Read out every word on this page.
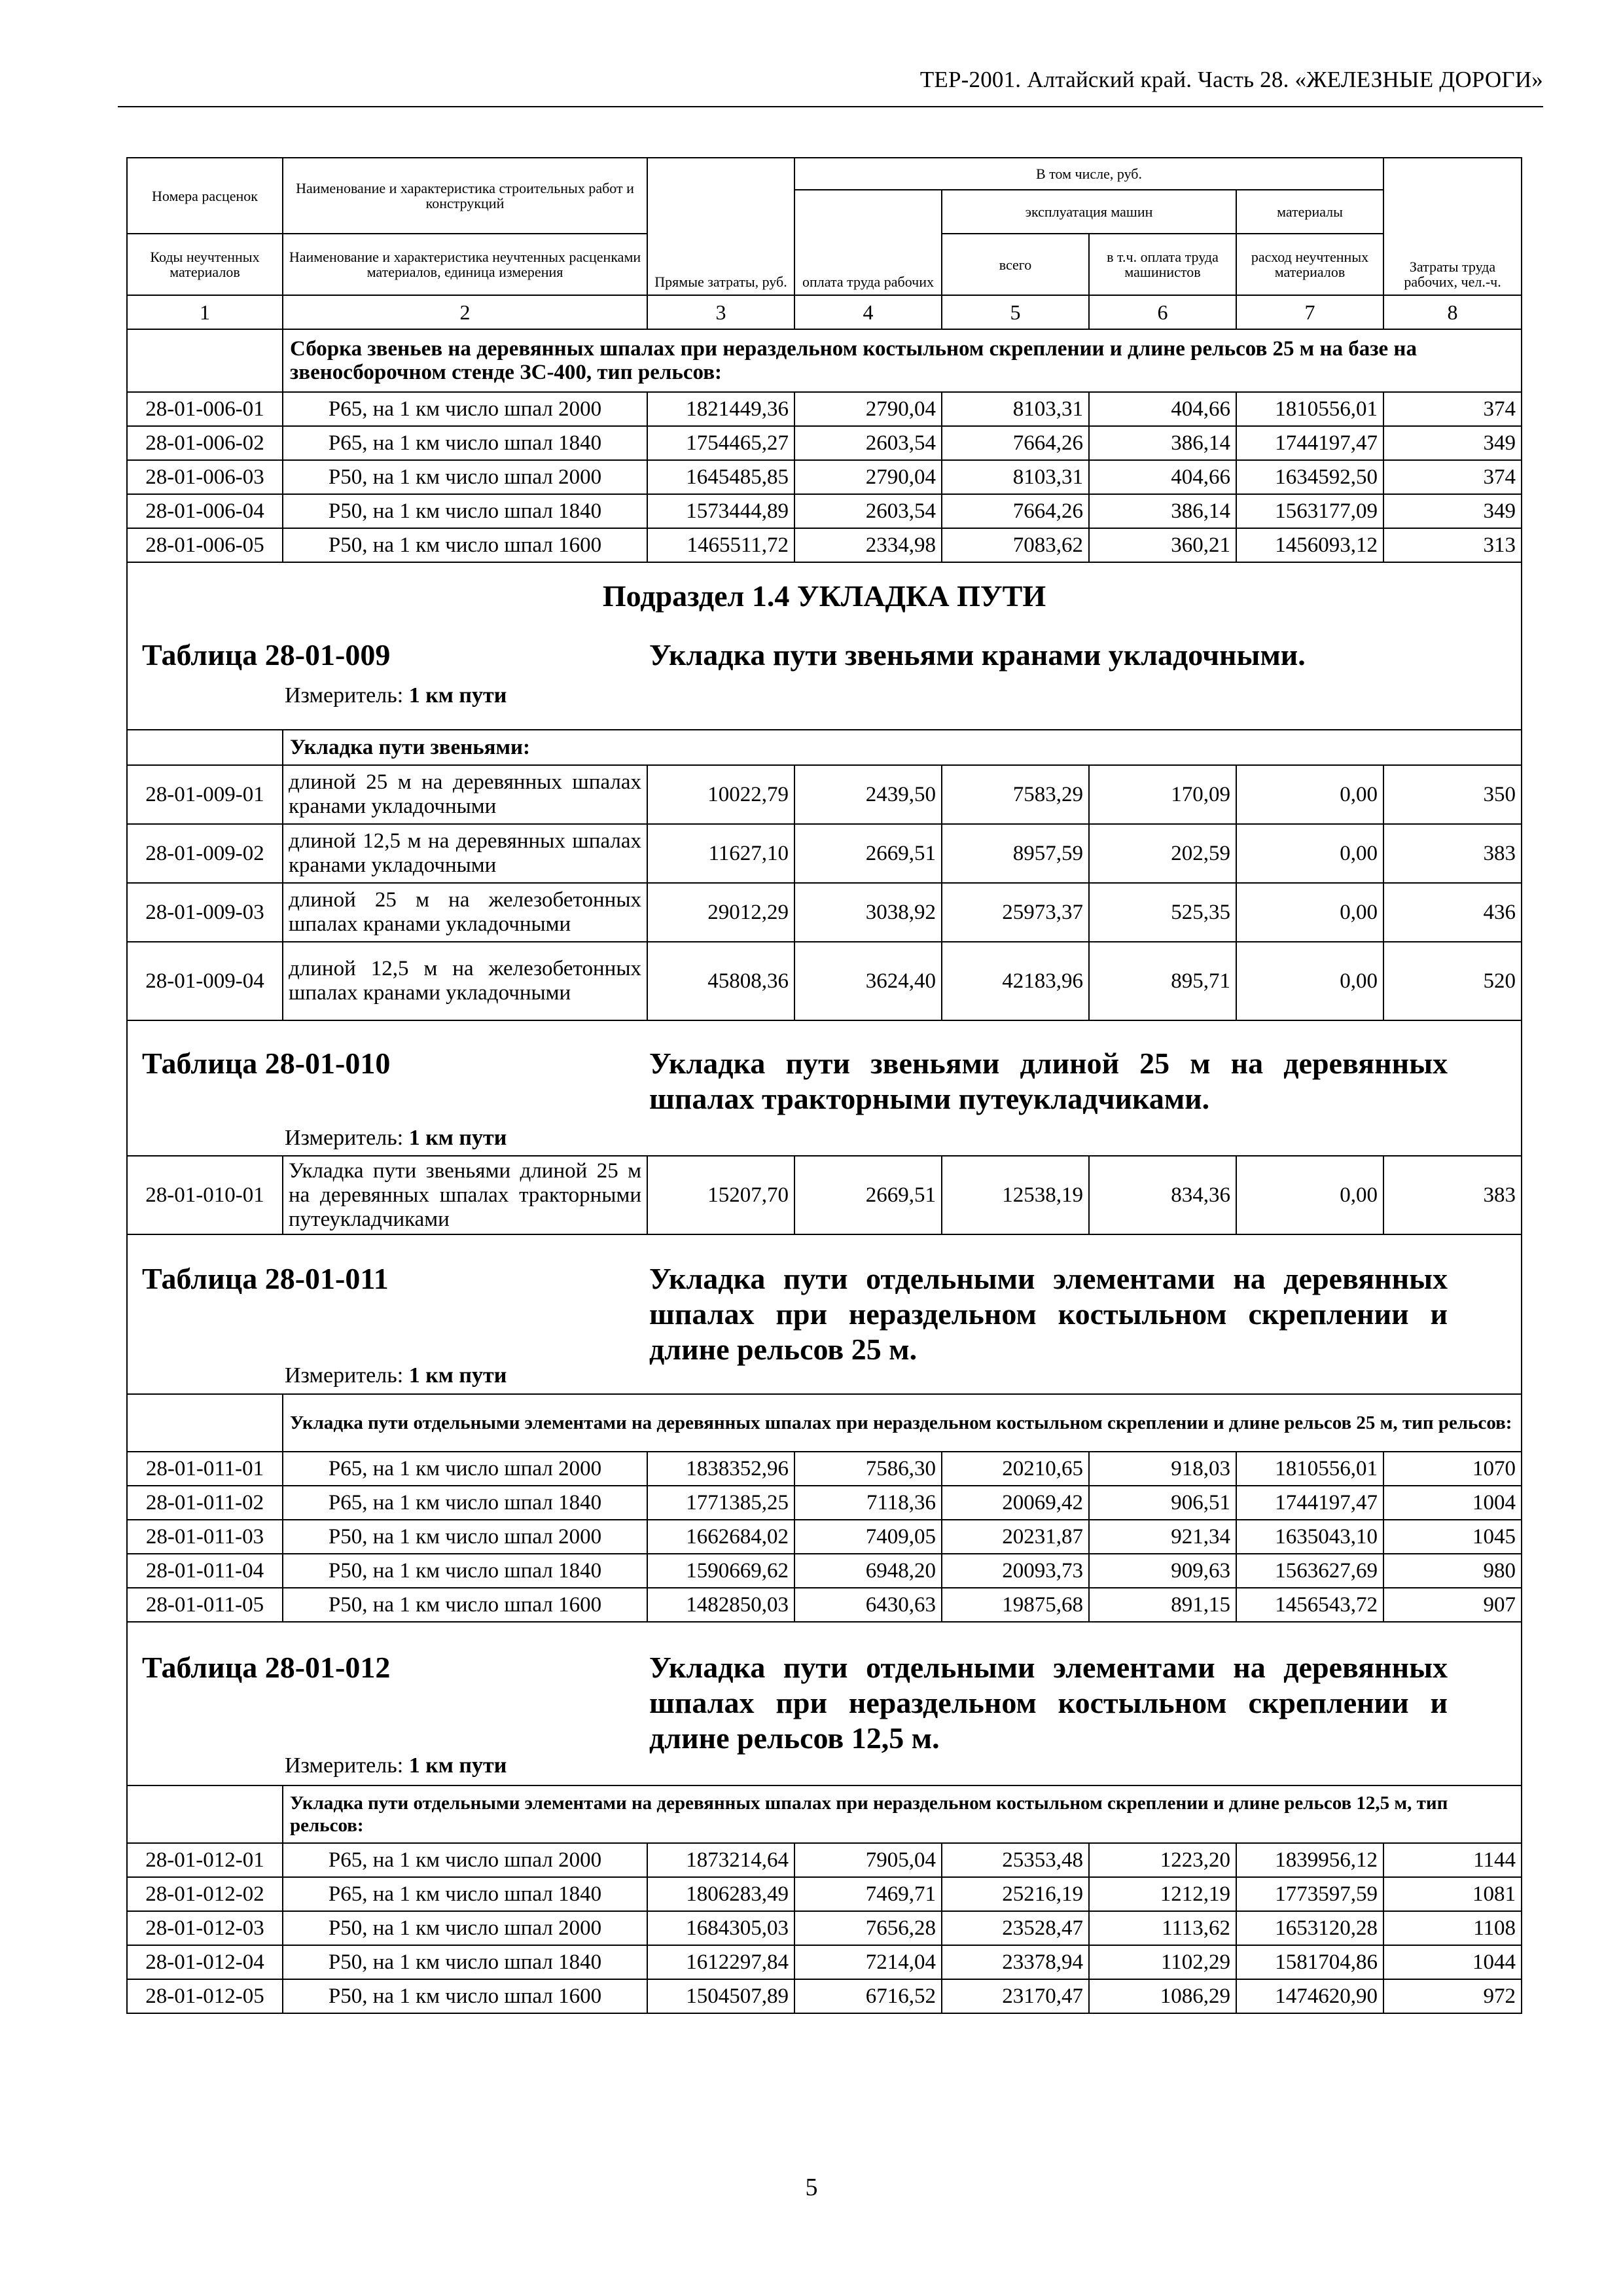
ТЕР-2001. Алтайский край. Часть 28. «ЖЕЛЕЗНЫЕ ДОРОГИ»
Номера расценок	Наименование и характеристика строительных работ и конструкций	Прямые затраты, руб.	В том числе, руб.				Затраты труда рабочих, чел.-ч.
			оплата труда рабочих	эксплуатация машин		материалы	
Коды неучтенных материалов	Наименование и характеристика неучтенных расценками материалов, единица измерения			всего	в т.ч. оплата труда машинистов	расход неучтенных материалов	
1	2	3	4	5	6	7	8
	Сборка звеньев на деревянных шпалах при нераздельном костыльном скреплении и длине рельсов 25 м на базе на звеносборочном стенде ЗС-400, тип рельсов:						
28-01-006-01	Р65, на 1 км число шпал 2000	1821449,36	2790,04	8103,31	404,66	1810556,01	374
28-01-006-02	Р65, на 1 км число шпал 1840	1754465,27	2603,54	7664,26	386,14	1744197,47	349
28-01-006-03	Р50, на 1 км число шпал 2000	1645485,85	2790,04	8103,31	404,66	1634592,50	374
28-01-006-04	Р50, на 1 км число шпал 1840	1573444,89	2603,54	7664,26	386,14	1563177,09	349
28-01-006-05	Р50, на 1 км число шпал 1600	1465511,72	2334,98	7083,62	360,21	1456093,12	313

Подраздел 1.4 УКЛАДКА ПУТИ
Таблица 28-01-009 Укладка пути звеньями кранами укладочными.
Измеритель: 1 км пути							

	Укладка пути звеньями:						
28-01-009-01	длиной 25 м на деревянных шпалах кранами укладочными	10022,79	2439,50	7583,29	170,09	0,00	350
28-01-009-02	длиной 12,5 м на деревянных шпалах кранами укладочными	11627,10	2669,51	8957,59	202,59	0,00	383
28-01-009-03	длиной 25 м на железобетонных шпалах кранами укладочными	29012,29	3038,92	25973,37	525,35	0,00	436
28-01-009-04	длиной 12,5 м на железобетонных шпалах кранами укладочными	45808,36	3624,40	42183,96	895,71	0,00	520

Таблица 28-01-010 Укладка пути звеньями длиной 25 м на деревянных шпалах тракторными путеукладчиками.
Измеритель: 1 км пути							

28-01-010-01	Укладка пути звеньями длиной 25 м на деревянных шпалах тракторными путеукладчиками	15207,70	2669,51	12538,19	834,36	0,00	383

Таблица 28-01-011 Укладка пути отдельными элементами на деревянных шпалах при нераздельном костыльном скреплении и длине рельсов 25 м.
Измеритель: 1 км пути							

	Укладка пути отдельными элементами на деревянных шпалах при нераздельном костыльном скреплении и длине рельсов 25 м, тип рельсов:						
28-01-011-01	Р65, на 1 км число шпал 2000	1838352,96	7586,30	20210,65	918,03	1810556,01	1070
28-01-011-02	Р65, на 1 км число шпал 1840	1771385,25	7118,36	20069,42	906,51	1744197,47	1004
28-01-011-03	Р50, на 1 км число шпал 2000	1662684,02	7409,05	20231,87	921,34	1635043,10	1045
28-01-011-04	Р50, на 1 км число шпал 1840	1590669,62	6948,20	20093,73	909,63	1563627,69	980
28-01-011-05	Р50, на 1 км число шпал 1600	1482850,03	6430,63	19875,68	891,15	1456543,72	907

Таблица 28-01-012 Укладка пути отдельными элементами на деревянных шпалах при нераздельном костыльном скреплении и длине рельсов 12,5 м.
Измеритель: 1 км пути							

	Укладка пути отдельными элементами на деревянных шпалах при нераздельном костыльном скреплении и длине рельсов 12,5 м, тип рельсов:						
28-01-012-01	Р65, на 1 км число шпал 2000	1873214,64	7905,04	25353,48	1223,20	1839956,12	1144
28-01-012-02	Р65, на 1 км число шпал 1840	1806283,49	7469,71	25216,19	1212,19	1773597,59	1081
28-01-012-03	Р50, на 1 км число шпал 2000	1684305,03	7656,28	23528,47	1113,62	1653120,28	1108
28-01-012-04	Р50, на 1 км число шпал 1840	1612297,84	7214,04	23378,94	1102,29	1581704,86	1044
28-01-012-05	Р50, на 1 км число шпал 1600	1504507,89	6716,52	23170,47	1086,29	1474620,90	972
5
